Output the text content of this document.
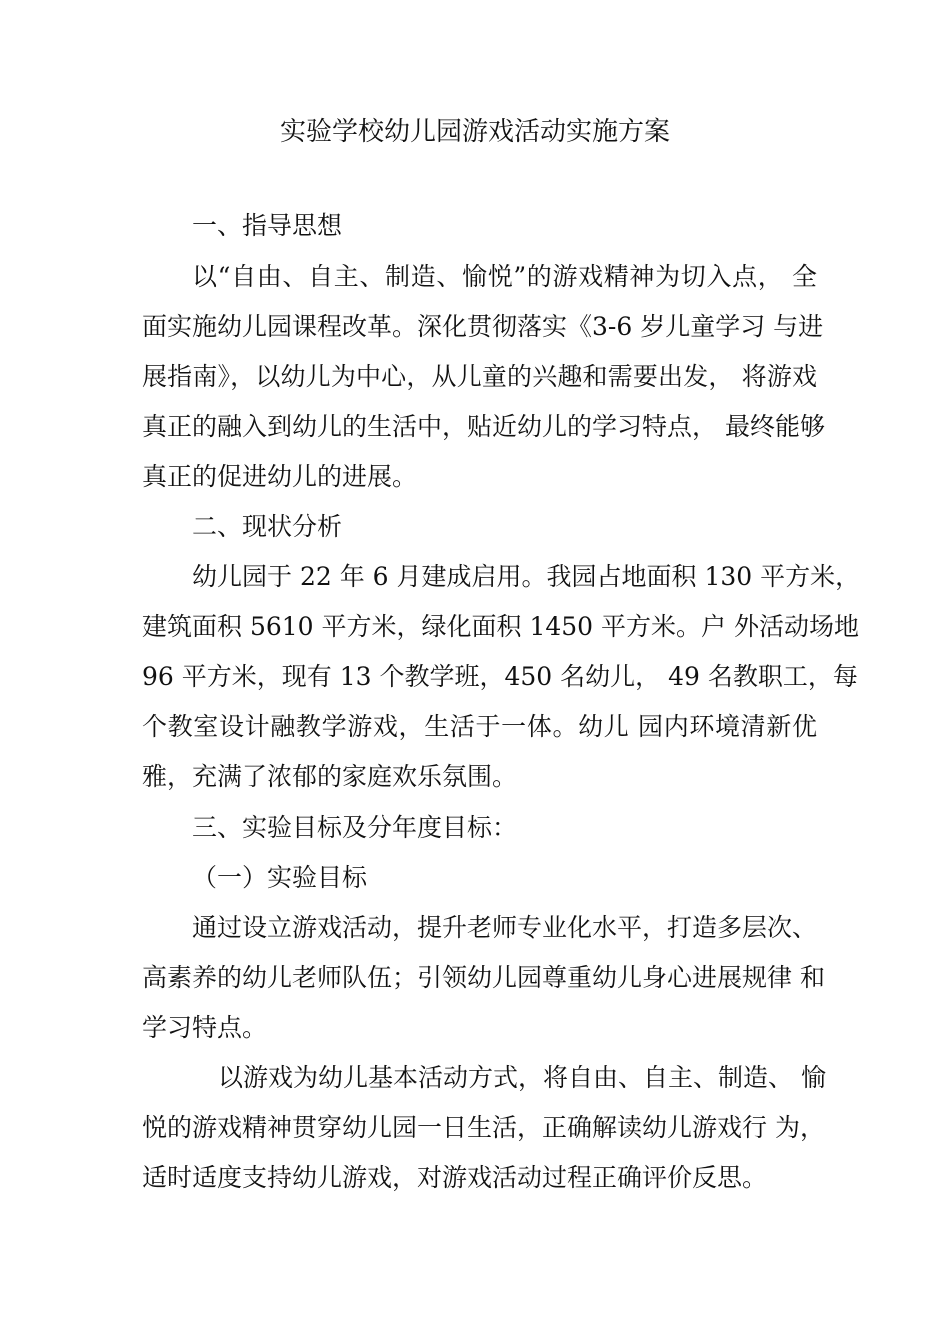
实验学校幼儿园游戏活动实施方案
一、指导思想
以“自由、自主、制造、愉悦”的游戏精神为切入点， 全
面实施幼儿园课程改革。深化贯彻落实《3-6 岁儿童学习 与进
展指南》，以幼儿为中心，从儿童的兴趣和需要出发， 将游戏
真正的融入到幼儿的生活中，贴近幼儿的学习特点， 最终能够
真正的促进幼儿的进展。
二、现状分析
幼儿园于 22 年 6 月建成启用。我园占地面积 130 平方米，
建筑面积 5610 平方米，绿化面积 1450 平方米。户 外活动场地
96 平方米，现有 13 个教学班，450 名幼儿， 49 名教职工，每
个教室设计融教学游戏，生活于一体。幼儿 园内环境清新优
雅，充满了浓郁的家庭欢乐氛围。
三、实验目标及分年度目标：
（一）实验目标
通过设立游戏活动，提升老师专业化水平，打造多层次、
高素养的幼儿老师队伍；引领幼儿园尊重幼儿身心进展规律 和
学习特点。
以游戏为幼儿基本活动方式，将自由、自主、制造、 愉
悦的游戏精神贯穿幼儿园一日生活，正确解读幼儿游戏行 为，
适时适度支持幼儿游戏，对游戏活动过程正确评价反思。
